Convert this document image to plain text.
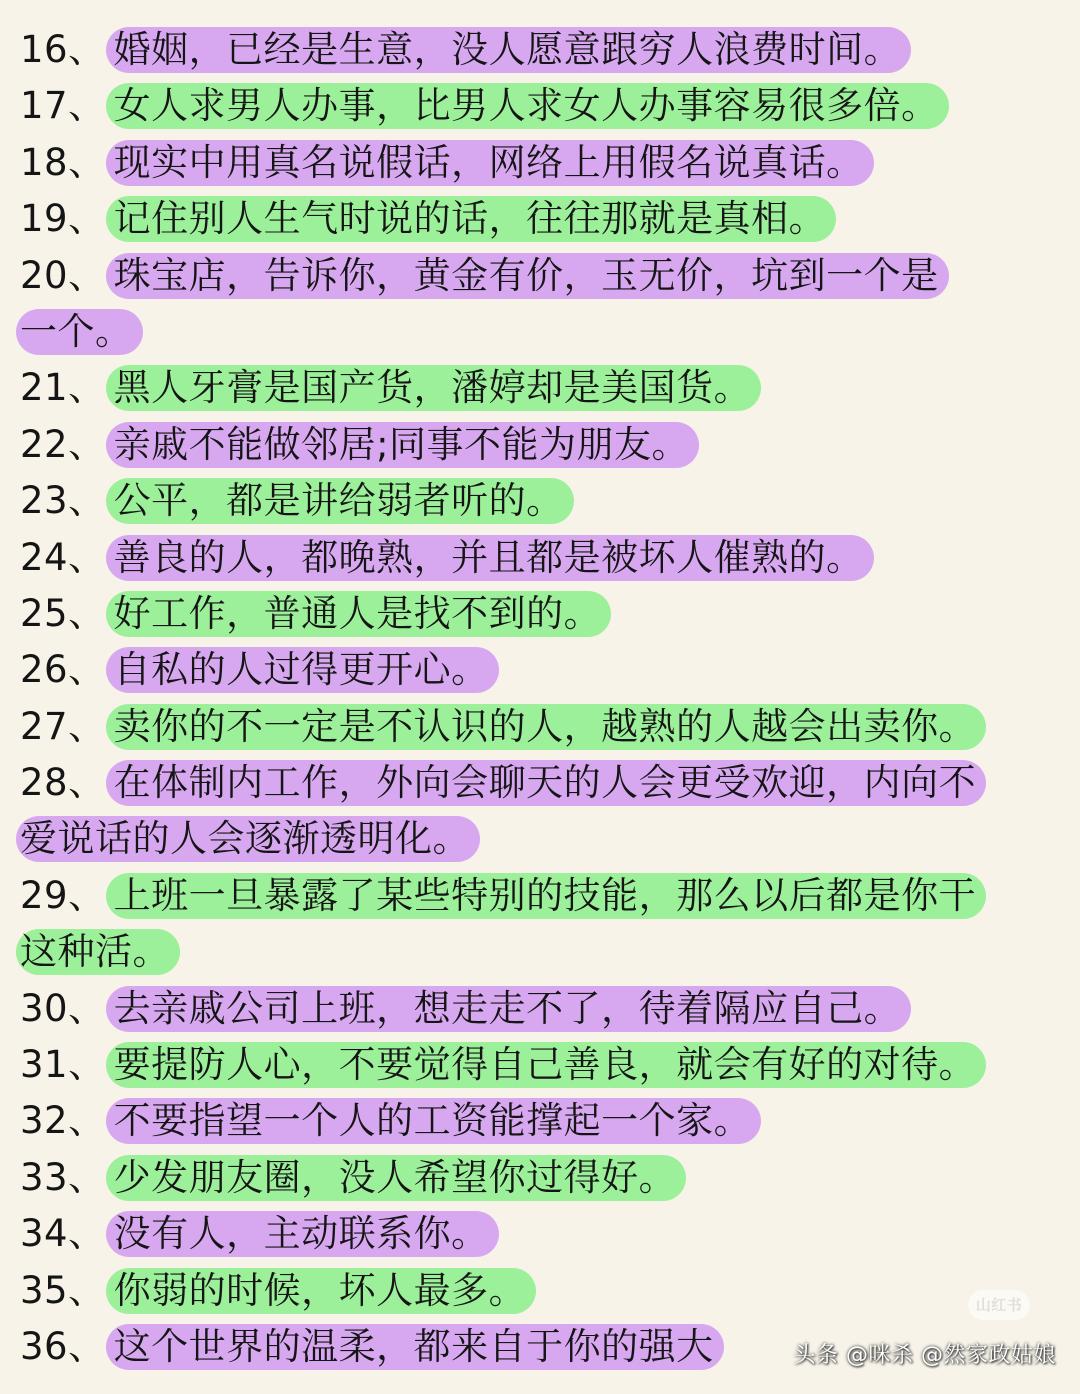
16、 婚姻，已经是生意，没人愿意跟穷人浪费时间。
17、 女人求男人办事，比男人求女人办事容易很多倍。
18、 现实中用真名说假话，网络上用假名说真话。
19、 记住别人生气时说的话，往往那就是真相。
20、 珠宝店，告诉你，黄金有价，玉无价，坑到一个是
一个。
21、 黑人牙膏是国产货，潘婷却是美国货。
22、 亲戚不能做邻居;同事不能为朋友。
23、 公平，都是讲给弱者听的。
24、 善良的人，都晚熟，并且都是被坏人催熟的。
25、 好工作，普通人是找不到的。
26、 自私的人过得更开心。
27、 卖你的不一定是不认识的人，越熟的人越会出卖你。
28、 在体制内工作，外向会聊天的人会更受欢迎，内向不
爱说话的人会逐渐透明化。
29、 上班一旦暴露了某些特别的技能，那么以后都是你干
这种活。
30、 去亲戚公司上班，想走走不了，待着隔应自己。
31、 要提防人心，不要觉得自己善良，就会有好的对待。
32、 不要指望一个人的工资能撑起一个家。
33、 少发朋友圈，没人希望你过得好。
34、 没有人，主动联系你。
35、 你弱的时候，坏人最多。
36、 这个世界的温柔，都来自于你的强大
山红书
头条 @咪杀 @然家政姑娘
